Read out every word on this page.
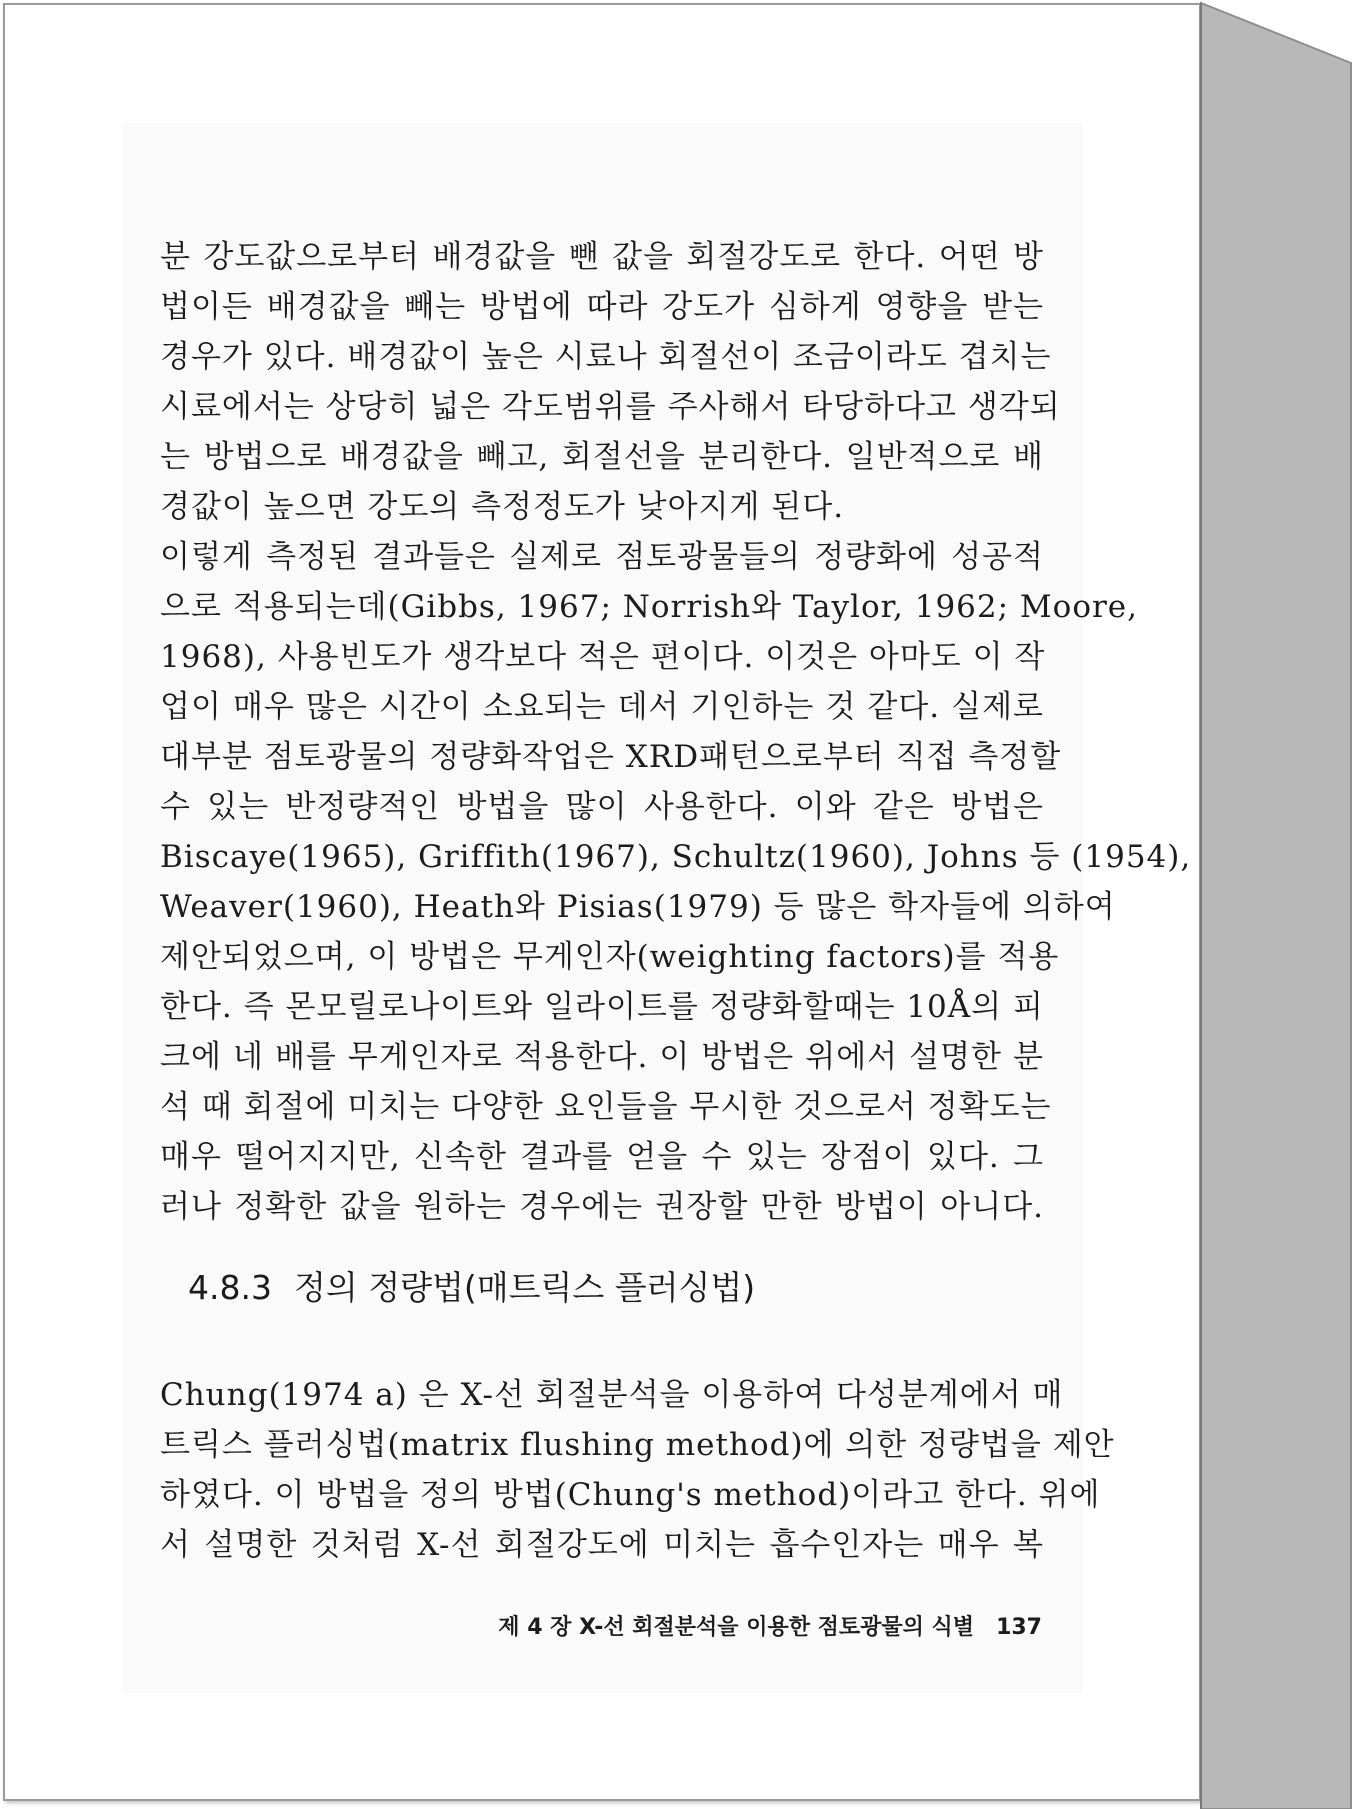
분 강도값으로부터 배경값을 뺀 값을 회절강도로 한다. 어떤 방
법이든 배경값을 빼는 방법에 따라 강도가 심하게 영향을 받는
경우가 있다. 배경값이 높은 시료나 회절선이 조금이라도 겹치는
시료에서는 상당히 넓은 각도범위를 주사해서 타당하다고 생각되
는 방법으로 배경값을 빼고, 회절선을 분리한다. 일반적으로 배
경값이 높으면 강도의 측정정도가 낮아지게 된다.
이렇게 측정된 결과들은 실제로 점토광물들의 정량화에 성공적
으로 적용되는데(Gibbs, 1967; Norrish와 Taylor, 1962; Moore,
1968), 사용빈도가 생각보다 적은 편이다. 이것은 아마도 이 작
업이 매우 많은 시간이 소요되는 데서 기인하는 것 같다. 실제로
대부분 점토광물의 정량화작업은 XRD패턴으로부터 직접 측정할
수 있는 반정량적인 방법을 많이 사용한다. 이와 같은 방법은
Biscaye(1965), Griffith(1967), Schultz(1960), Johns 등 (1954),
Weaver(1960), Heath와 Pisias(1979) 등 많은 학자들에 의하여
제안되었으며, 이 방법은 무게인자(weighting factors)를 적용
한다. 즉 몬모릴로나이트와 일라이트를 정량화할때는 10Å의 피
크에 네 배를 무게인자로 적용한다. 이 방법은 위에서 설명한 분
석 때 회절에 미치는 다양한 요인들을 무시한 것으로서 정확도는
매우 떨어지지만, 신속한 결과를 얻을 수 있는 장점이 있다. 그
러나 정확한 값을 원하는 경우에는 권장할 만한 방법이 아니다.
4.8.3 정의 정량법(매트릭스 플러싱법)
Chung(1974 a) 은 X-선 회절분석을 이용하여 다성분계에서 매
트릭스 플러싱법(matrix flushing method)에 의한 정량법을 제안
하였다. 이 방법을 정의 방법(Chung's method)이라고 한다. 위에
서 설명한 것처럼 X-선 회절강도에 미치는 흡수인자는 매우 복
제 4 장 X-선 회절분석을 이용한 점토광물의 식별 137
